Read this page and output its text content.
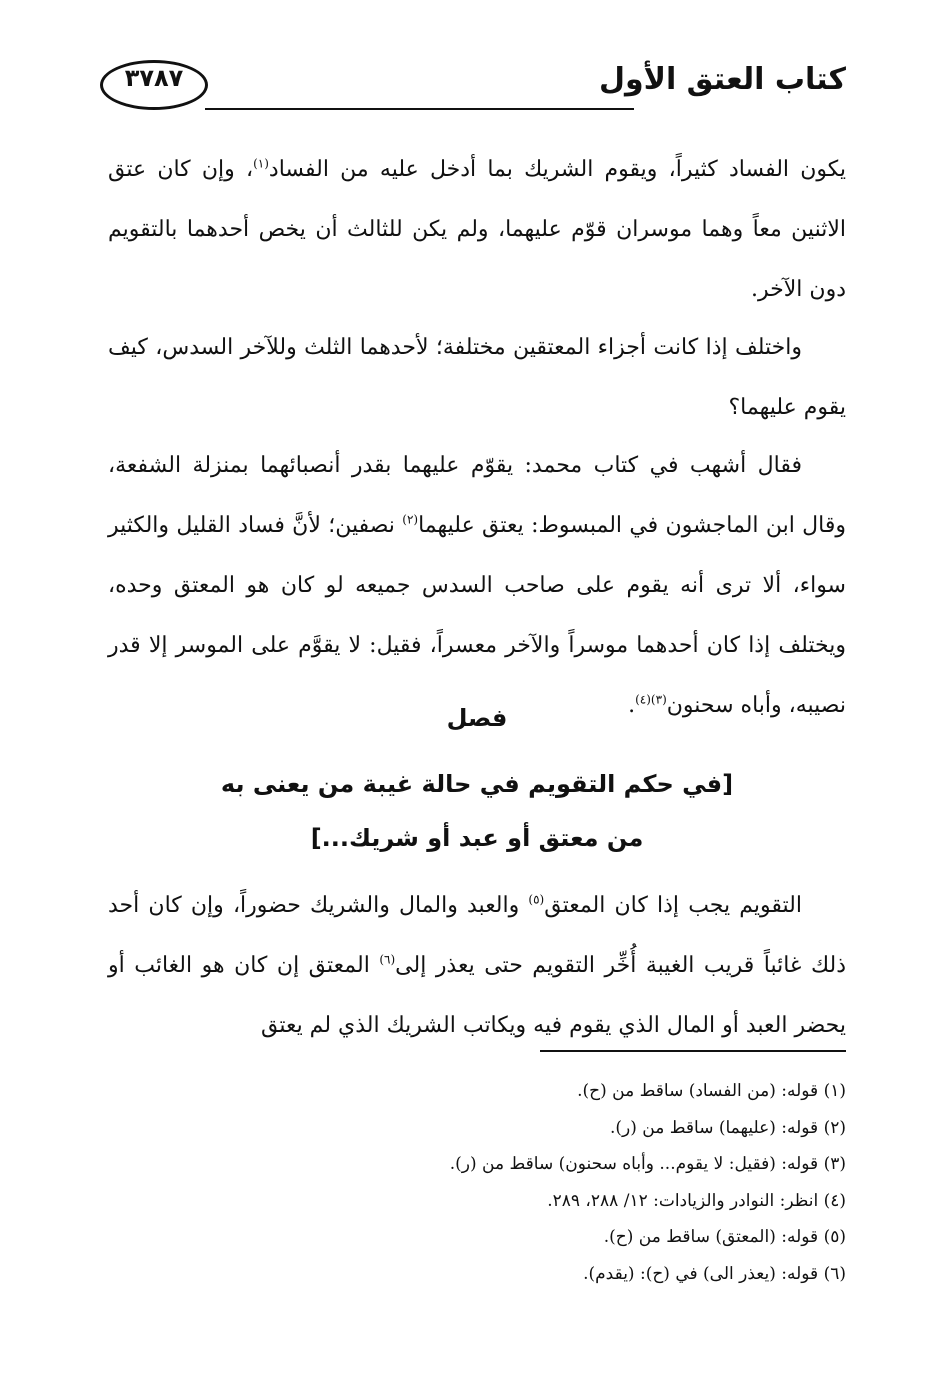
كتاب العتق الأول
٣٧٨٧

يكون الفساد كثيراً، ويقوم الشريك بما أدخل عليه من الفساد$^{(١)}$، وإن كان عتق الاثنين معاً وهما موسران قوّم عليهما، ولم يكن للثالث أن يخص أحدهما بالتقويم دون الآخر.

واختلف إذا كانت أجزاء المعتقين مختلفة؛ لأحدهما الثلث وللآخر السدس، كيف يقوم عليهما؟

فقال أشهب في كتاب محمد: يقوّم عليهما بقدر أنصبائهما بمنزلة الشفعة، وقال ابن الماجشون في المبسوط: يعتق عليهما$^{(٢)}$ نصفين؛ لأنَّ فساد القليل والكثير سواء، ألا ترى أنه يقوم على صاحب السدس جميعه لو كان هو المعتق وحده، ويختلف إذا كان أحدهما موسراً والآخر معسراً، فقيل: لا يقوَّم على الموسر إلا قدر نصيبه، وأباه سحنون$^{(٣)(٤)}$.

فصل
[في حكم التقويم في حالة غيبة من يعنى به
من معتق أو عبد أو شريك...]

التقويم يجب إذا كان المعتق$^{(٥)}$ والعبد والمال والشريك حضوراً، وإن كان أحد ذلك غائباً قريب الغيبة أُخِّر التقويم حتى يعذر إلى$^{(٦)}$ المعتق إن كان هو الغائب أو يحضر العبد أو المال الذي يقوم فيه ويكاتب الشريك الذي لم يعتق

(١) قوله: (من الفساد) ساقط من (ح).
(٢) قوله: (عليهما) ساقط من (ر).
(٣) قوله: (فقيل: لا يقوم... وأباه سحنون) ساقط من (ر).
(٤) انظر: النوادر والزيادات: ١٢/ ٢٨٨، ٢٨٩.
(٥) قوله: (المعتق) ساقط من (ح).
(٦) قوله: (يعذر الى) في (ح): (يقدم).
